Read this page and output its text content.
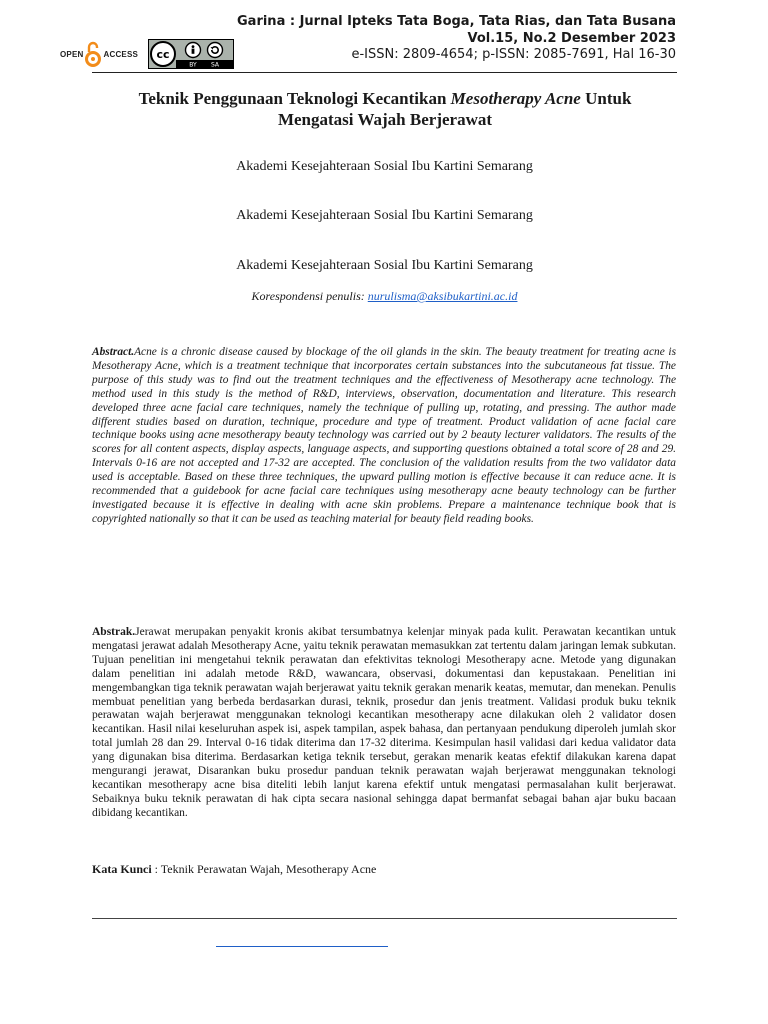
OPEN	ACCESS cc
BY SA
Garina : Jurnal Ipteks Tata Boga, Tata Rias, dan Tata Busana
Vol.15, No.2 Desember 2023
e-ISSN: 2809-4654; p-ISSN: 2085-7691, Hal 16-30
Teknik Penggunaan Teknologi Kecantikan Mesotherapy Acne Untuk Mengatasi Wajah Berjerawat
Akademi Kesejahteraan Sosial Ibu Kartini Semarang
Akademi Kesejahteraan Sosial Ibu Kartini Semarang
Akademi Kesejahteraan Sosial Ibu Kartini Semarang
Korespondensi penulis: nurulisma@aksibukartini.ac.id
Abstract.Acne is a chronic disease caused by blockage of the oil glands in the skin. The beauty treatment for treating acne is Mesotherapy Acne, which is a treatment technique that incorporates certain substances into the subcutaneous fat tissue. The purpose of this study was to find out the treatment techniques and the effectiveness of Mesotherapy acne technology. The method used in this study is the method of R&D, interviews, observation, documentation and literature. This research developed three acne facial care techniques, namely the technique of pulling up, rotating, and pressing. The author made different studies based on duration, technique, procedure and type of treatment. Product validation of acne facial care technique books using acne mesotherapy beauty technology was carried out by 2 beauty lecturer validators. The results of the scores for all content aspects, display aspects, language aspects, and supporting questions obtained a total score of 28 and 29. Intervals 0-16 are not accepted and 17-32 are accepted. The conclusion of the validation results from the two validator data used is acceptable. Based on these three techniques, the upward pulling motion is effective because it can reduce acne. It is recommended that a guidebook for acne facial care techniques using mesotherapy acne beauty technology can be further investigated because it is effective in dealing with acne skin problems. Prepare a maintenance technique book that is copyrighted nationally so that it can be used as teaching material for beauty field reading books.
Abstrak.Jerawat merupakan penyakit kronis akibat tersumbatnya kelenjar minyak pada kulit. Perawatan kecantikan untuk mengatasi jerawat adalah Mesotherapy Acne, yaitu teknik perawatan memasukkan zat tertentu dalam jaringan lemak subkutan. Tujuan penelitian ini mengetahui teknik perawatan dan efektivitas teknologi Mesotherapy acne. Metode yang digunakan dalam penelitian ini adalah metode R&D, wawancara, observasi, dokumentasi dan kepustakaan. Penelitian ini mengembangkan tiga teknik perawatan wajah berjerawat yaitu teknik gerakan menarik keatas, memutar, dan menekan. Penulis membuat penelitian yang berbeda berdasarkan durasi, teknik, prosedur dan jenis treatment. Validasi produk buku teknik perawatan wajah berjerawat menggunakan teknologi kecantikan mesotherapy acne dilakukan oleh 2 validator dosen kecantikan. Hasil nilai keseluruhan aspek isi, aspek tampilan, aspek bahasa, dan pertanyaan pendukung diperoleh jumlah skor total jumlah 28 dan 29. Interval 0-16 tidak diterima dan 17-32 diterima. Kesimpulan hasil validasi dari kedua validator data yang digunakan bisa diterima. Berdasarkan ketiga teknik tersebut, gerakan menarik keatas efektif dilakukan karena dapat mengurangi jerawat, Disarankan buku prosedur panduan teknik perawatan wajah berjerawat menggunakan teknologi kecantikan mesotherapy acne bisa diteliti lebih lanjut karena efektif untuk mengatasi permasalahan kulit berjerawat. Sebaiknya buku teknik perawatan di hak cipta secara nasional sehingga dapat bermanfat sebagai bahan ajar buku bacaan dibidang kecantikan.
Kata Kunci : Teknik Perawatan Wajah, Mesotherapy Acne
